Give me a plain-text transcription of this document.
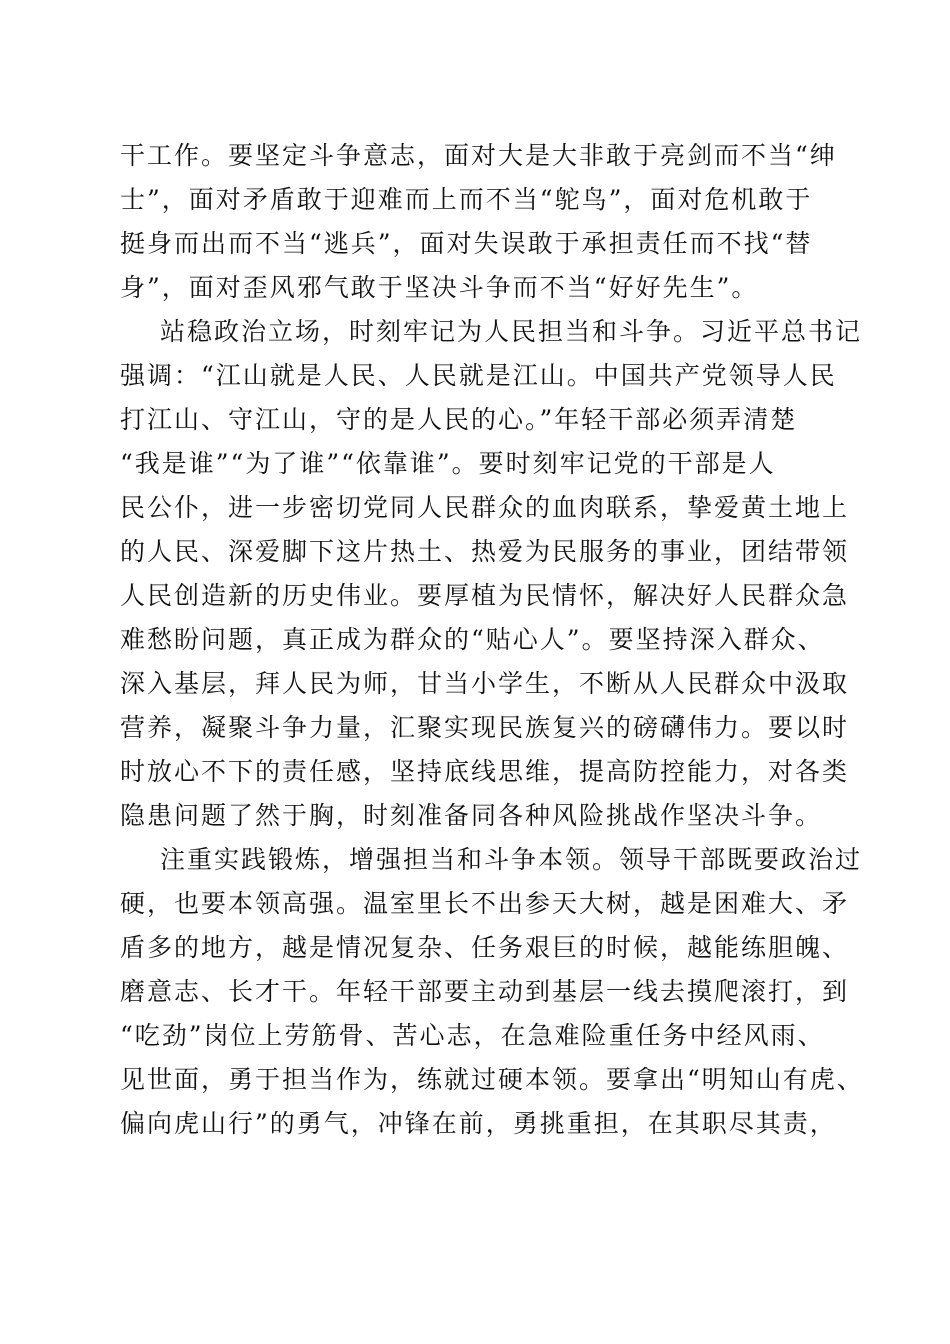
干工作。要坚定斗争意志，面对大是大非敢于亮剑而不当“绅
士”，面对矛盾敢于迎难而上而不当“鸵鸟”，面对危机敢于
挺身而出而不当“逃兵”，面对失误敢于承担责任而不找“替
身”，面对歪风邪气敢于坚决斗争而不当“好好先生”。
站稳政治立场，时刻牢记为人民担当和斗争。习近平总书记
强调：“江山就是人民、人民就是江山。中国共产党领导人民
打江山、守江山，守的是人民的心。”年轻干部必须弄清楚
“我是谁”“为了谁”“依靠谁”。要时刻牢记党的干部是人
民公仆，进一步密切党同人民群众的血肉联系，挚爱黄土地上
的人民、深爱脚下这片热土、热爱为民服务的事业，团结带领
人民创造新的历史伟业。要厚植为民情怀，解决好人民群众急
难愁盼问题，真正成为群众的“贴心人”。要坚持深入群众、
深入基层，拜人民为师，甘当小学生，不断从人民群众中汲取
营养，凝聚斗争力量，汇聚实现民族复兴的磅礴伟力。要以时
时放心不下的责任感，坚持底线思维，提高防控能力，对各类
隐患问题了然于胸，时刻准备同各种风险挑战作坚决斗争。
注重实践锻炼，增强担当和斗争本领。领导干部既要政治过
硬，也要本领高强。温室里长不出参天大树，越是困难大、矛
盾多的地方，越是情况复杂、任务艰巨的时候，越能练胆魄、
磨意志、长才干。年轻干部要主动到基层一线去摸爬滚打，到
“吃劲”岗位上劳筋骨、苦心志，在急难险重任务中经风雨、
见世面，勇于担当作为，练就过硬本领。要拿出“明知山有虎、
偏向虎山行”的勇气，冲锋在前，勇挑重担，在其职尽其责，
